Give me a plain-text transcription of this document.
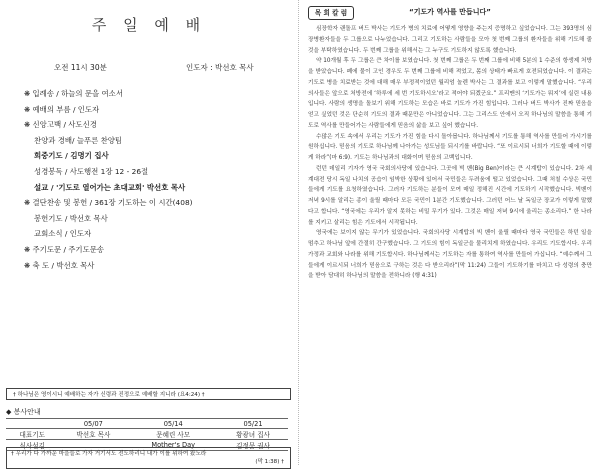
주 일 예 배
오전 11시 30분	인도자 : 박선호 목사
❋ 입례송 / 하늘의 문을 여소서
❋ 예배의 부름 / 인도자
❋ 신앙고백 / 사도신경
찬양과 경배/ 늘푸른 찬양팀
회중기도 / 김명기 집사
성경봉독 / 사도행전 1장 12 - 26절
설교 / '기도로 열어가는 초대교회' 박선호 목사
❋ 결단찬송 및 봉헌 / 361장 기도하는 이 시간(408)
봉헌기도 / 박선호 목사
교회소식 / 인도자
❋ 주기도문 / 주기도문송
❋ 축 도 / 박선호 목사
† 하나님은 영이시니 예배하는 자가 신령과 진정으로 예배할 지니라 (요4:24) †
◆ 봉사안내
	05/07	05/14	05/21
대표기도	박선호 목사	문혜린 사모	황광녀 집사
식사섬김		Mother's Day	김정문 권사
† 우리가 다 가까운 마을들로 가자 거기서도 전도하리니 내가 이를 위하여 왔노라
(막 1:38) †
“기도가 역사를 만듭니다”
목 회 칼 럼

심장학자 랜돌프 버드 박사는 기도가 병의 치료에 어떻게 영향을 주는지 증명하고 싶었습니다. 그는 393명의 심장병환자들을 두 그룹으로 나누었습니다. 그리고 기도하는 사람들을 모아 첫 번째 그룹의 환자들을 위해 기도해 줄 것을 부탁하였습니다. 두 번째 그룹을 위해서는 그 누구도 기도하지 않도록 했습니다.

약 10개월 후 두 그룹은 큰 차이를 보였습니다. 첫 번째 그룹은 두 번째 그룹에 비해 5분의 1 수준의 항생제 처방을 받았습니다. 폐에 물이 고인 경우도 두 번째 그룹에 비해 적었고, 몸의 상태가 빠르게 호전되었습니다. 이 결과는 기도로 병을 치료받는 것에 대해 매우 부정적이었던 월리엄 놀렌 박사는 그 결과를 보고 이렇게 말했습니다. “우리 의사들은 앞으로 처방전에 ‘하루에 세 번 기도하시오’라고 적어야 되겠군요.” 프리맨의 ‘기도가는 뭐지’에 실린 내용입니다. 사람의 생명을 돌보기 위해 기도하는 모습은 바로 기도가 가진 힘입니다. 그러나 버드 박사가 진짜 믿음을 얻고 싶었던 것은 단순히 기도의 결과 때문만은 아니었습니다. 그는 그리스도 안에서 오직 하나님의 말씀을 통해 기도로 역사를 만들어가는 사람들에게 믿음의 삶을 보고 싶어 했습니다.

수많은 기도 속에서 우리는 기도가 가진 힘을 다시 돌아봅니다. 하나님께서 기도를 통해 역사를 만들어 가시기를 원하십니다. 믿음의 기도로 하나님께 나아가는 성도님들 되시기를 바랍니다. “또 이르시되 너희가 기도할 때에 이렇게 하라”(마 6:9). 기도는 하나님과의 대화이며 믿음의 고백입니다.

런던 데일리 기자가 영국 국회의사당에 있습니다. 그곳에 빅 벤(Big Ben)이라는 큰 시계탑이 있습니다. 2차 세계대전 당시 독일 나치의 공습이 임박한 상황에 있어서 국민들은 두려움에 떨고 있었습니다. 그때 처칠 수상은 국민들에게 기도를 요청하였습니다. 그러자 기도하는 분들이 모여 매일 정해진 시간에 기도하기 시작했습니다. 빅벤이 저녁 9시를 알리는 종이 울릴 때마다 모든 국민이 1분간 기도했습니다. 그러던 어느 날 독일군 장교가 이렇게 말했다고 합니다. “영국에는 우리가 알지 못하는 비밀 무기가 있다. 그것은 매일 저녁 9시에 울리는 종소리다.” 한 나라를 지키고 살리는 힘은 기도에서 시작됩니다.

영국에는 보이지 않는 무기가 있었습니다. 국회의사당 시계탑의 빅 벤이 울릴 때마다 영국 국민들은 하던 일을 멈추고 하나님 앞에 간절히 간구했습니다. 그 기도의 힘이 독일군을 물리치게 하였습니다. 우리도 기도합시다. 우리 가정과 교회와 나라를 위해 기도합시다. 하나님께서는 기도하는 자를 통하여 역사를 만들어 가십니다. “예수께서 그들에게 이르시되 너희가 믿음으로 구하는 것은 다 받으리라”(막 11:24) 그들이 기도하기를 마치고 다 성령의 충만을 받아 담대히 하나님의 말씀을 전하니라 (행 4:31)
